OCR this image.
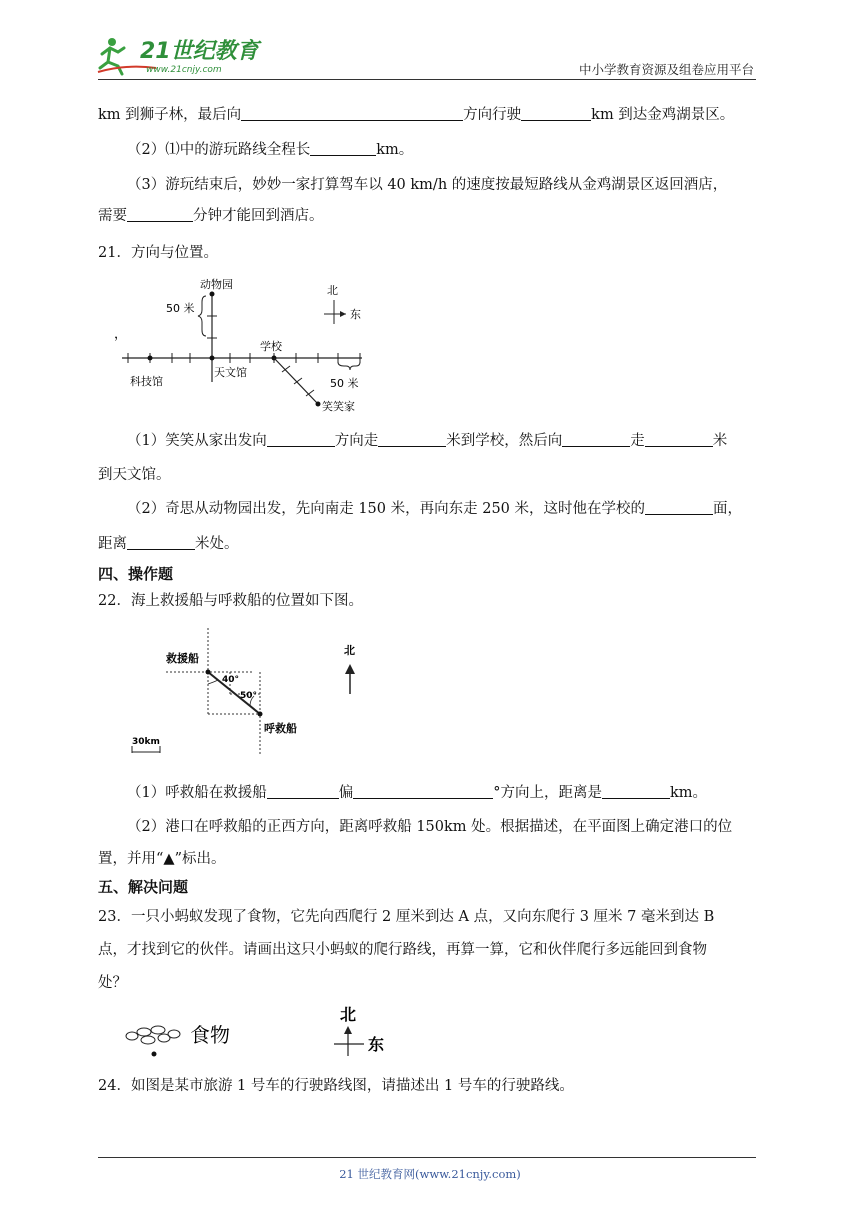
21世纪教育
www.21cnjy.com	中小学教育资源及组卷应用平台
km 到狮子林，最后向	方向行驶	km 到达金鸡湖景区。
（2）⑴中的游玩路线全程长	km。
（3）游玩结束后，妙妙一家打算驾车以 40 km/h 的速度按最短路线从金鸡湖景区返回酒店，
需要	分钟才能回到酒店。
21．方向与位置。
北
东
动物园
50 米
，
学校
科技馆
天文馆
50 米
笑笑家
（1）笑笑从家出发向	方向走	米到学校，然后向	走	米
到天文馆。
（2）奇思从动物园出发，先向南走 150 米，再向东走 250 米，这时他在学校的	面，
距离	米处。
四、操作题
22．海上救援船与呼救船的位置如下图。
救援船
呼救船
40°
50°
30km
北
（1）呼救船在救援船	偏	°方向上，距离是	km。
（2）港口在呼救船的正西方向，距离呼救船 150km 处。根据描述，在平面图上确定港口的位
置，并用“▲”标出。
五、解决问题
23．一只小蚂蚁发现了食物，它先向西爬行 2 厘米到达 A 点，又向东爬行 3 厘米 7 毫米到达 B
点，才找到它的伙伴。请画出这只小蚂蚁的爬行路线，再算一算，它和伙伴爬行多远能回到食物
处？
食物
北
东
24．如图是某市旅游 1 号车的行驶路线图，请描述出 1 号车的行驶路线。
21 世纪教育网(www.21cnjy.com)
